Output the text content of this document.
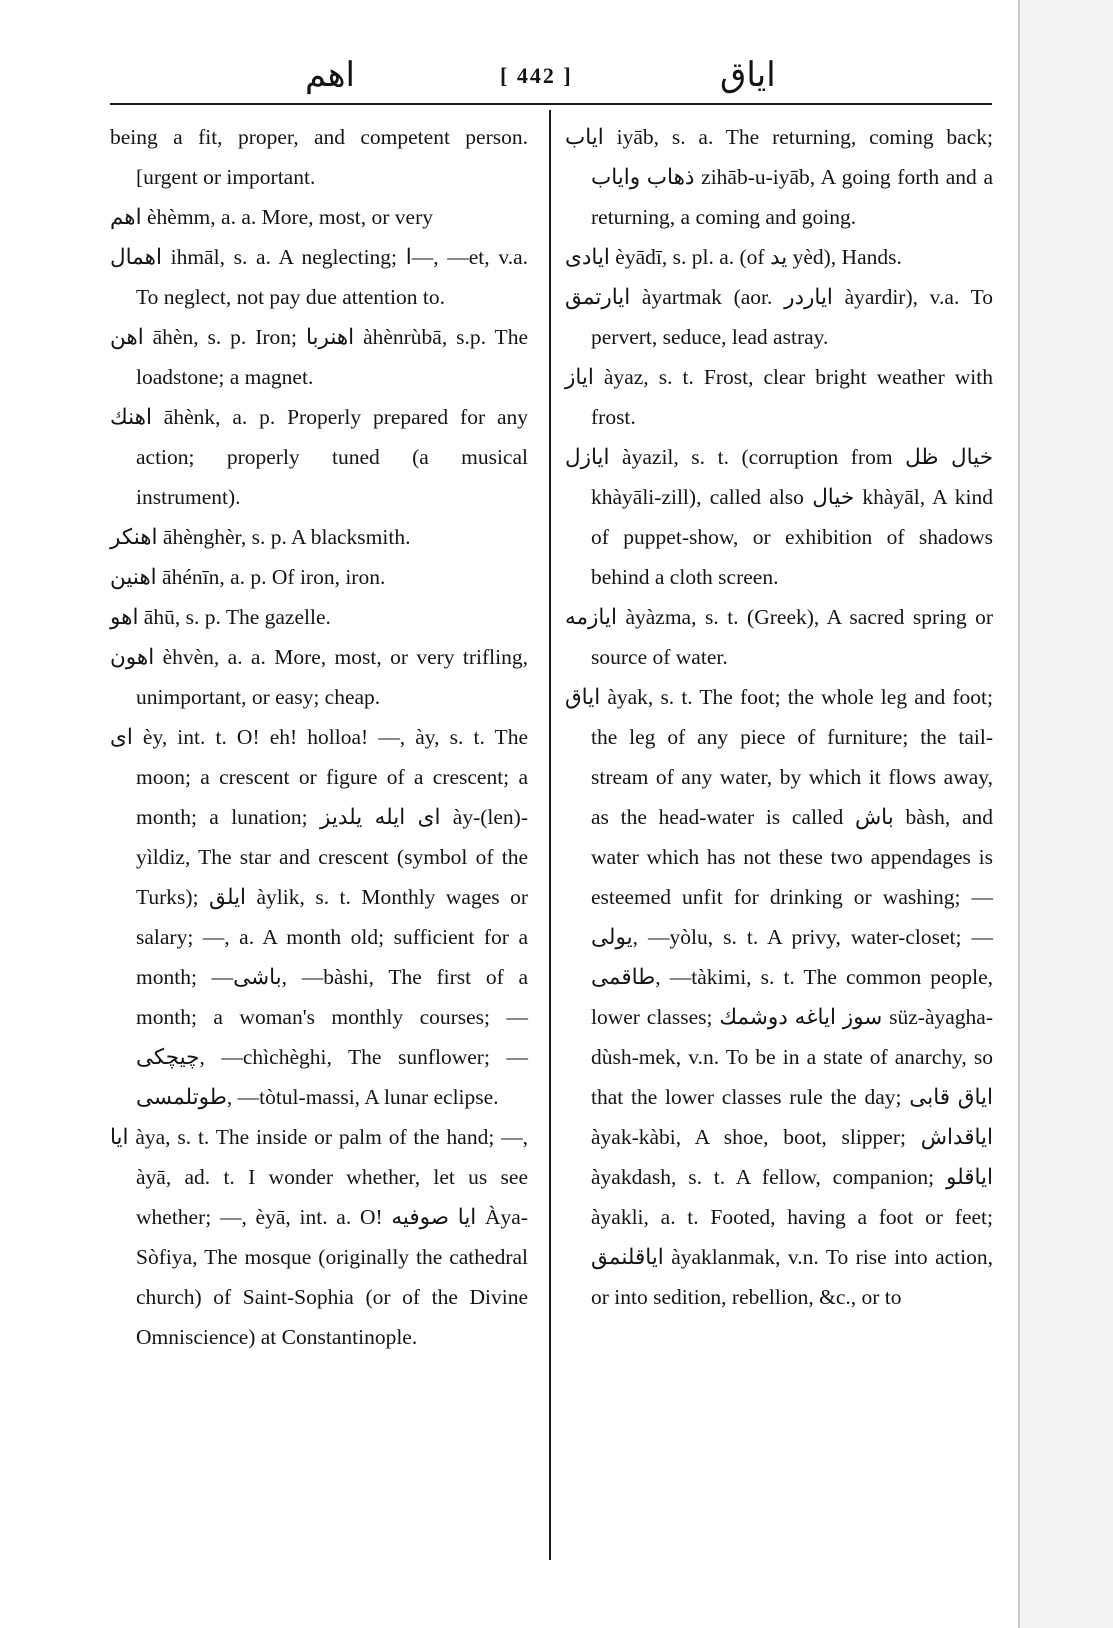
اهم	[ 442 ]	اياق

being a fit, proper, and competent person. [urgent or important.

اهم èhèmm, a. a. More, most, or very

اهمال ihmāl, s. a. A neglecting; ا—, —et, v.a. To neglect, not pay due attention to.

اهن āhèn, s. p. Iron; اهنربا àhènrùbā, s.p. The loadstone; a magnet.

اهنك āhènk, a. p. Properly prepared for any action; properly tuned (a musical instrument).

اهنكر āhènghèr, s. p. A blacksmith.

اهنين āhénīn, a. p. Of iron, iron.

اهو āhū, s. p. The gazelle.

اهون èhvèn, a. a. More, most, or very trifling, unimportant, or easy; cheap.

اى èy, int. t. O! eh! holloa! —, ày, s. t. The moon; a crescent or figure of a crescent; a month; a lunation; اى ايله يلديز ày-(len)-yìldiz, The star and crescent (symbol of the Turks); ايلق àylik, s. t. Monthly wages or salary; —, a. A month old; sufficient for a month; —باشى, —bàshi, The first of a month; a woman's monthly courses; —چيچكى, —chìchèghi, The sunflower; —طوتلمسى, —tòtul-massi, A lunar eclipse.

ايا àya, s. t. The inside or palm of the hand; —, àyā, ad. t. I wonder whether, let us see whether; —, èyā, int. a. O! ايا صوفيه Àya-Sòfiya, The mosque (originally the cathedral church) of Saint-Sophia (or of the Divine Omniscience) at Constantinople.

اياب iyāb, s. a. The returning, coming back; ذهاب واياب zihāb-u-iyāb, A going forth and a returning, a coming and going.

ايادى èyādī, s. pl. a. (of يد yèd), Hands.

ايارتمق àyartmak (aor. اياردر àyardir), v.a. To pervert, seduce, lead astray.

اياز àyaz, s. t. Frost, clear bright weather with frost.

ايازل àyazil, s. t. (corruption from خيال ظل khàyāli-zill), called also خيال khàyāl, A kind of puppet-show, or exhibition of shadows behind a cloth screen.

ايازمه àyàzma, s. t. (Greek), A sacred spring or source of water.

اياق àyak, s. t. The foot; the whole leg and foot; the leg of any piece of furniture; the tail-stream of any water, by which it flows away, as the head-water is called باش bàsh, and water which has not these two appendages is esteemed unfit for drinking or washing; —يولى, —yòlu, s. t. A privy, water-closet; —طاقمى, —tàkimi, s. t. The common people, lower classes; سوز اياغه دوشمك süz-àyagha-dùsh-mek, v.n. To be in a state of anarchy, so that the lower classes rule the day; اياق قابى àyak-kàbi, A shoe, boot, slipper; اياقداش àyakdash, s. t. A fellow, companion; اياقلو àyakli, a. t. Footed, having a foot or feet; اياقلنمق àyaklanmak, v.n. To rise into action, or into sedition, rebellion, &c., or to
